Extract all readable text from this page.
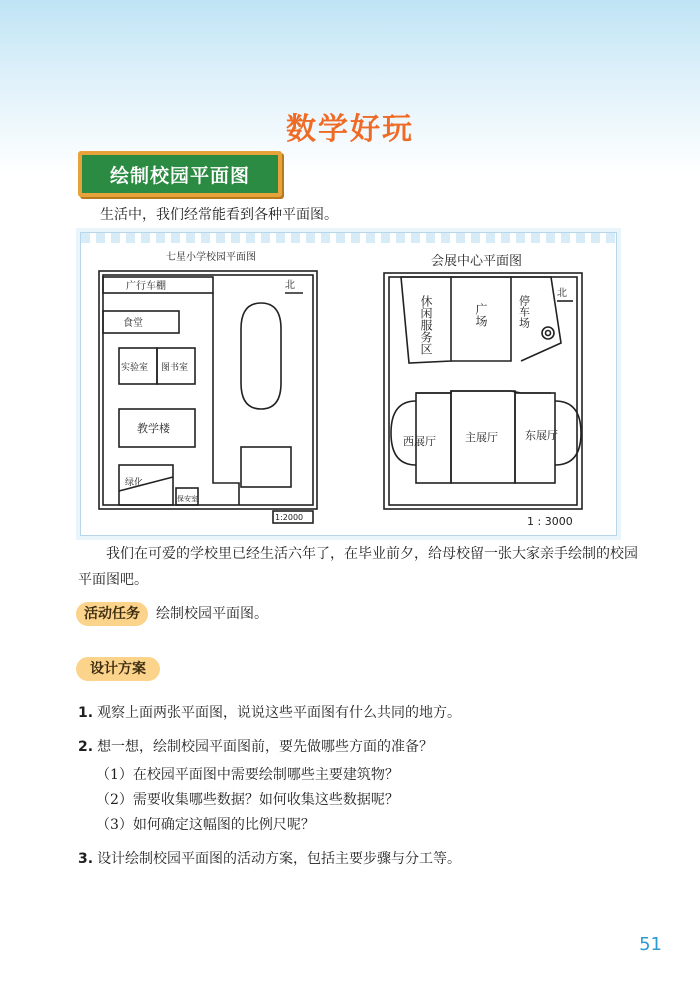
数学好玩
绘制校园平面图
生活中，我们经常能看到各种平面图。
七星小学校园平面图
广行车棚
食堂
实验室 图书室
教学楼
绿化
保安室
北
1:2000
会展中心平面图
休闲服务区	广场	停车场
北
西展厅	主展厅 东展厅
1 : 3000
我们在可爱的学校里已经生活六年了，在毕业前夕，给母校留一张大家亲手绘制的校园平面图吧。
活动任务	绘制校园平面图。
设计方案
1. 观察上面两张平面图，说说这些平面图有什么共同的地方。
2. 想一想，绘制校园平面图前，要先做哪些方面的准备？
（1）在校园平面图中需要绘制哪些主要建筑物？
（2）需要收集哪些数据？如何收集这些数据呢？
（3）如何确定这幅图的比例尺呢？
3. 设计绘制校园平面图的活动方案，包括主要步骤与分工等。
51
